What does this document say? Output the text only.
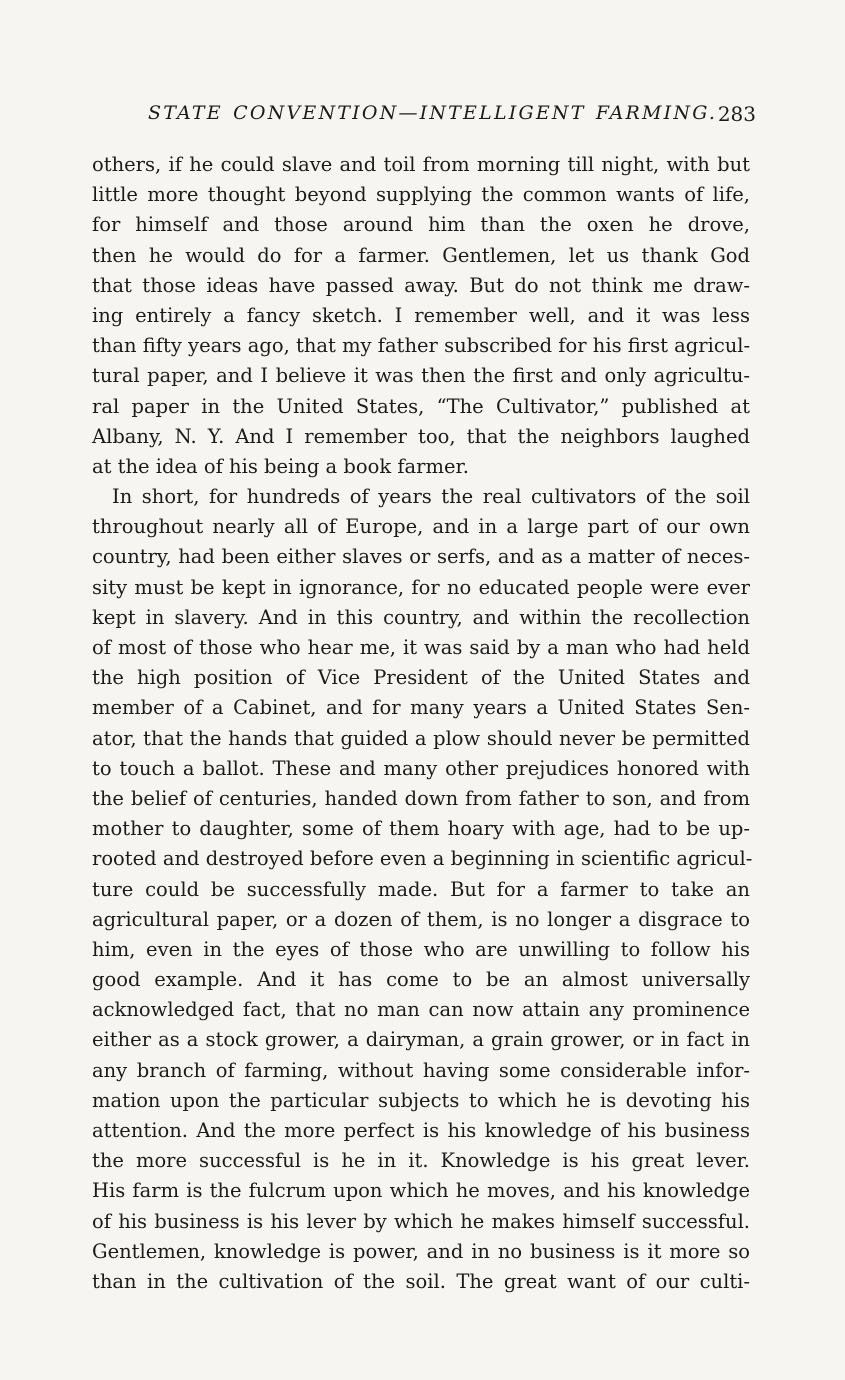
STATE CONVENTION—INTELLIGENT FARMING. 283
others, if he could slave and toil from morning till night, with but
little more thought beyond supplying the common wants of life,
for himself and those around him than the oxen he drove,
then he would do for a farmer. Gentlemen, let us thank God
that those ideas have passed away. But do not think me draw-
ing entirely a fancy sketch. I remember well, and it was less
than fifty years ago, that my father subscribed for his first agricul-
tural paper, and I believe it was then the first and only agricultu-
ral paper in the United States, “The Cultivator,” published at
Albany, N. Y. And I remember too, that the neighbors laughed
at the idea of his being a book farmer.
In short, for hundreds of years the real cultivators of the soil
throughout nearly all of Europe, and in a large part of our own
country, had been either slaves or serfs, and as a matter of neces-
sity must be kept in ignorance, for no educated people were ever
kept in slavery. And in this country, and within the recollection
of most of those who hear me, it was said by a man who had held
the high position of Vice President of the United States and
member of a Cabinet, and for many years a United States Sen-
ator, that the hands that guided a plow should never be permitted
to touch a ballot. These and many other prejudices honored with
the belief of centuries, handed down from father to son, and from
mother to daughter, some of them hoary with age, had to be up-
rooted and destroyed before even a beginning in scientific agricul-
ture could be successfully made. But for a farmer to take an
agricultural paper, or a dozen of them, is no longer a disgrace to
him, even in the eyes of those who are unwilling to follow his
good example. And it has come to be an almost universally
acknowledged fact, that no man can now attain any prominence
either as a stock grower, a dairyman, a grain grower, or in fact in
any branch of farming, without having some considerable infor-
mation upon the particular subjects to which he is devoting his
attention. And the more perfect is his knowledge of his business
the more successful is he in it. Knowledge is his great lever.
His farm is the fulcrum upon which he moves, and his knowledge
of his business is his lever by which he makes himself successful.
Gentlemen, knowledge is power, and in no business is it more so
than in the cultivation of the soil. The great want of our culti-
